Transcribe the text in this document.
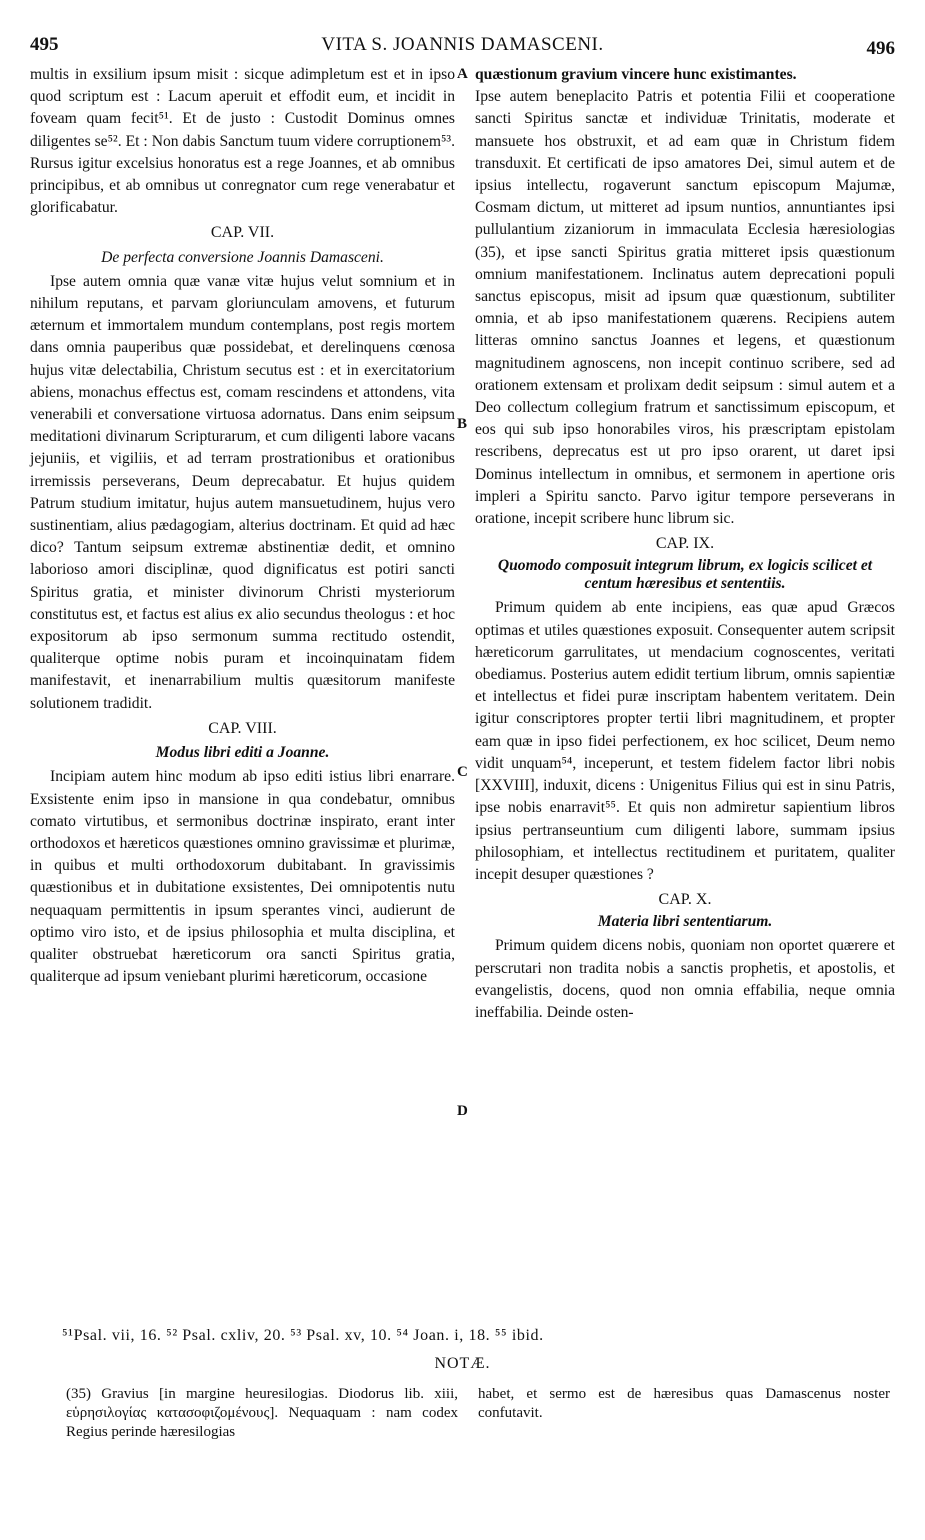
495	VITA S. JOANNIS DAMASCENI.	496
A
B
C
D

multis in exsilium ipsum misit : sicque adimpletum est et in ipso quod scriptum est : Lacum aperuit et effodit eum, et incidit in foveam quam fecit⁵¹. Et de justo : Custodit Dominus omnes diligentes se⁵². Et : Non dabis Sanctum tuum videre corruptionem⁵³. Rursus igitur excelsius honoratus est a rege Joannes, et ab omnibus principibus, et ab omnibus ut conregnator cum rege venerabatur et glorificabatur.

CAP. VII.
De perfecta conversione Joannis Damasceni.

Ipse autem omnia quæ vanæ vitæ hujus velut somnium et in nihilum reputans, et parvam gloriunculam amovens, et futurum æternum et immortalem mundum contemplans, post regis mortem dans omnia pauperibus quæ possidebat, et derelinquens cœnosa hujus vitæ delectabilia, Christum secutus est : et in exercitatorium abiens, monachus effectus est, comam rescindens et attondens, vita venerabili et conversatione virtuosa adornatus. Dans enim seipsum meditationi divinarum Scripturarum, et cum diligenti labore vacans jejuniis, et vigiliis, et ad terram prostrationibus et orationibus irremissis perseverans, Deum deprecabatur. Et hujus quidem Patrum studium imitatur, hujus autem mansuetudinem, hujus vero sustinentiam, alius pædagogiam, alterius doctrinam. Et quid ad hæc dico? Tantum seipsum extremæ abstinentiæ dedit, et omnino laborioso amori disciplinæ, quod dignificatus est potiri sancti Spiritus gratia, et minister divinorum Christi mysteriorum constitutus est, et factus est alius ex alio secundus theologus : et hoc expositorum ab ipso sermonum summa rectitudo ostendit, qualiterque optime nobis puram et incoinquinatam fidem manifestavit, et inenarrabilium multis quæsitorum manifeste solutionem tradidit.

CAP. VIII.
Modus libri editi a Joanne.

Incipiam autem hinc modum ab ipso editi istius libri enarrare. Exsistente enim ipso in mansione in qua condebatur, omnibus comato virtutibus, et sermonibus doctrinæ inspirato, erant inter orthodoxos et hæreticos quæstiones omnino gravissimæ et plurimæ, in quibus et multi orthodoxorum dubitabant. In gravissimis quæstionibus et in dubitatione exsistentes, Dei omnipotentis nutu nequaquam permittentis in ipsum sperantes vinci, audierunt de optimo viro isto, et de ipsius philosophia et multa disciplina, et qualiter obstruebat hæreticorum ora sancti Spiritus gratia, qualiterque ad ipsum veniebant plurimi hæreticorum, occasione

quæstionum gravium vincere hunc existimantes.

Ipse autem beneplacito Patris et potentia Filii et cooperatione sancti Spiritus sanctæ et individuæ Trinitatis, moderate et mansuete hos obstruxit, et ad eam quæ in Christum fidem transduxit. Et certificati de ipso amatores Dei, simul autem et de ipsius intellectu, rogaverunt sanctum episcopum Majumæ, Cosmam dictum, ut mitteret ad ipsum nuntios, annuntiantes ipsi pullulantium zizaniorum in immaculata Ecclesia hæresiologias (35), et ipse sancti Spiritus gratia mitteret ipsis quæstionum omnium manifestationem. Inclinatus autem deprecationi populi sanctus episcopus, misit ad ipsum quæ quæstionum, subtiliter omnia, et ab ipso manifestationem quærens. Recipiens autem litteras omnino sanctus Joannes et legens, et quæstionum magnitudinem agnoscens, non incepit continuo scribere, sed ad orationem extensam et prolixam dedit seipsum : simul autem et a Deo collectum collegium fratrum et sanctissimum episcopum, et eos qui sub ipso honorabiles viros, his præscriptam epistolam rescribens, deprecatus est ut pro ipso orarent, ut daret ipsi Dominus intellectum in omnibus, et sermonem in apertione oris impleri a Spiritu sancto. Parvo igitur tempore perseverans in oratione, incepit scribere hunc librum sic.

CAP. IX.
Quomodo composuit integrum librum, ex logicis scilicet et centum hæresibus et sententiis.

Primum quidem ab ente incipiens, eas quæ apud Græcos optimas et utiles quæstiones exposuit. Consequenter autem scripsit hæreticorum garrulitates, ut mendacium cognoscentes, veritati obediamus. Posterius autem edidit tertium librum, omnis sapientiæ et intellectus et fidei puræ inscriptam habentem veritatem. Dein igitur conscriptores propter tertii libri magnitudinem, et propter eam quæ in ipso fidei perfectionem, ex hoc scilicet, Deum nemo vidit unquam⁵⁴, inceperunt, et testem fidelem factor libri nobis [XXVIII], induxit, dicens : Unigenitus Filius qui est in sinu Patris, ipse nobis enarravit⁵⁵. Et quis non admiretur sapientium libros ipsius pertranseuntium cum diligenti labore, summam ipsius philosophiam, et intellectus rectitudinem et puritatem, qualiter incepit desuper quæstiones ?

CAP. X.
Materia libri sententiarum.

Primum quidem dicens nobis, quoniam non oportet quærere et perscrutari non tradita nobis a sanctis prophetis, et apostolis, et evangelistis, docens, quod non omnia effabilia, neque omnia ineffabilia. Deinde osten-

⁵¹Psal. vii, 16. ⁵² Psal. cxliv, 20. ⁵³ Psal. xv, 10. ⁵⁴ Joan. i, 18. ⁵⁵ ibid.
NOTÆ.
(35) Gravius [in margine heuresilogias. Diodorus lib. xiii, εὑρησιλογίας κατασοφιζομένους]. Nequaquam : nam codex Regius perinde hæresilogias
habet, et sermo est de hæresibus quas Damascenus noster confutavit.
